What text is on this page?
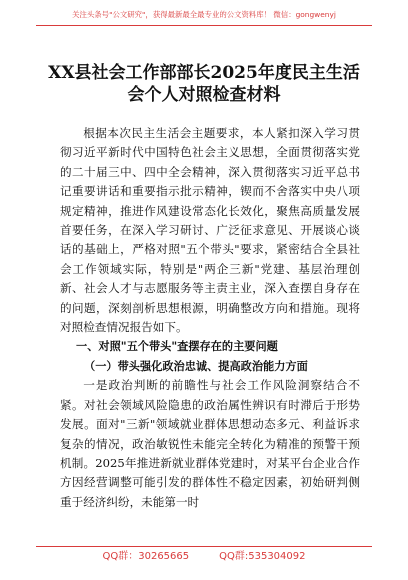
关注头条号"公文研究"，获得最新最全最专业的公文资料库！ 微信：gongwenyj
XX县社会工作部部长2025年度民主生活
会个人对照检查材料

根据本次民主生活会主题要求，本人紧扣深入学习贯彻习近平新时代中国特色社会主义思想，全面贯彻落实党的二十届三中、四中全会精神，深入贯彻落实习近平总书记重要讲话和重要指示批示精神，锲而不舍落实中央八项规定精神，推进作风建设常态化长效化，聚焦高质量发展首要任务，在深入学习研讨、广泛征求意见、开展谈心谈话的基础上，严格对照"五个带头"要求，紧密结合全县社会工作领域实际，特别是"两企三新"党建、基层治理创新、社会人才与志愿服务等主责主业，深入查摆自身存在的问题，深刻剖析思想根源，明确整改方向和措施。现将对照检查情况报告如下。

一、对照"五个带头"查摆存在的主要问题

（一）带头强化政治忠诚、提高政治能力方面

一是政治判断的前瞻性与社会工作风险洞察结合不紧。对社会领域风险隐患的政治属性辨识有时滞后于形势发展。面对"三新"领域就业群体思想动态多元、利益诉求复杂的情况，政治敏锐性未能完全转化为精准的预警干预机制。2025年推进新就业群体党建时，对某平台企业合作方因经营调整可能引发的群体性不稳定因素，初始研判侧重于经济纠纷，未能第一时

QQ群：30265665	QQ群:535304092
